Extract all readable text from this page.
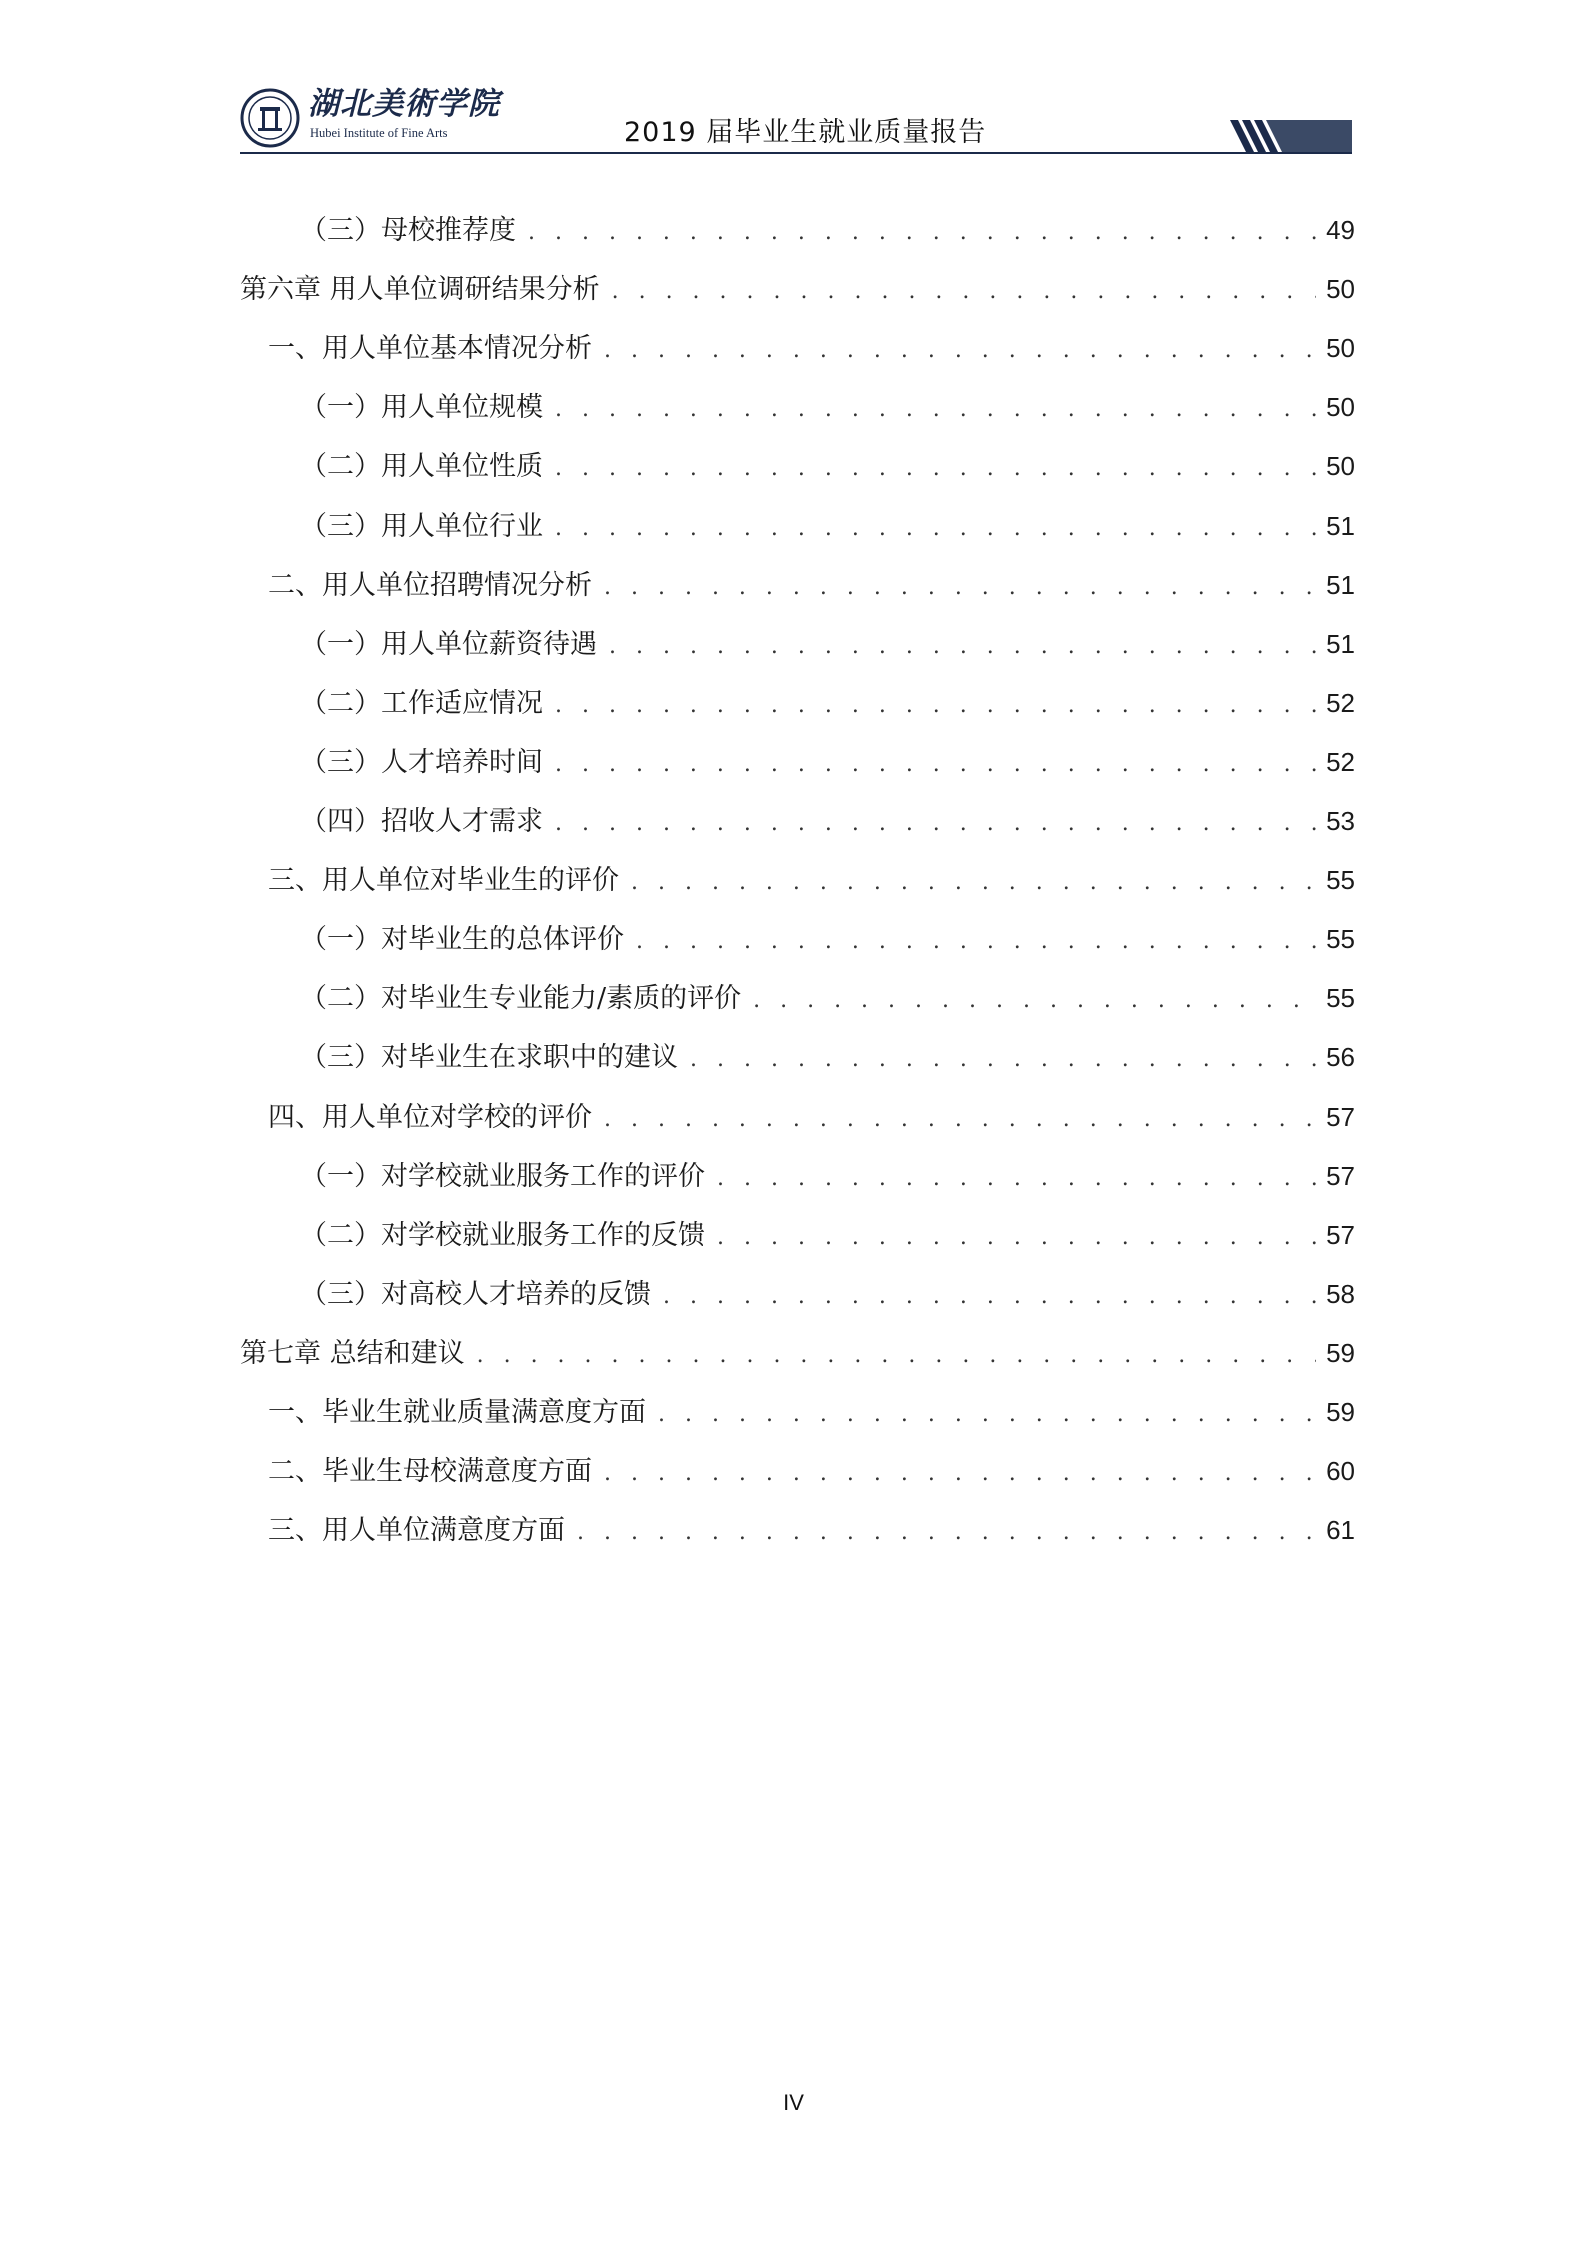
湖北美術学院
Hubei Institute of Fine Arts	2019 届毕业生就业质量报告
（三）母校推荐度 . . .	49
第六章 用人单位调研结果分析 . . .	50
一、用人单位基本情况分析 . . .	50
（一）用人单位规模 . . .	50
（二）用人单位性质 . . .	50
（三）用人单位行业 . . .	51
二、用人单位招聘情况分析 . . .	51
（一）用人单位薪资待遇 . . .	51
（二）工作适应情况 . . .	52
（三）人才培养时间 . . .	52
（四）招收人才需求 . . .	53
三、用人单位对毕业生的评价 . . .	55
（一）对毕业生的总体评价 . . .	55
（二）对毕业生专业能力/素质的评价 . . .	55
（三）对毕业生在求职中的建议 . . .	56
四、用人单位对学校的评价 . . .	57
（一）对学校就业服务工作的评价 . . .	57
（二）对学校就业服务工作的反馈 . . .	57
（三）对高校人才培养的反馈 . . .	58
第七章 总结和建议 . . .	59
一、毕业生就业质量满意度方面 . . .	59
二、毕业生母校满意度方面 . . .	60
三、用人单位满意度方面 . . .	61
IV
